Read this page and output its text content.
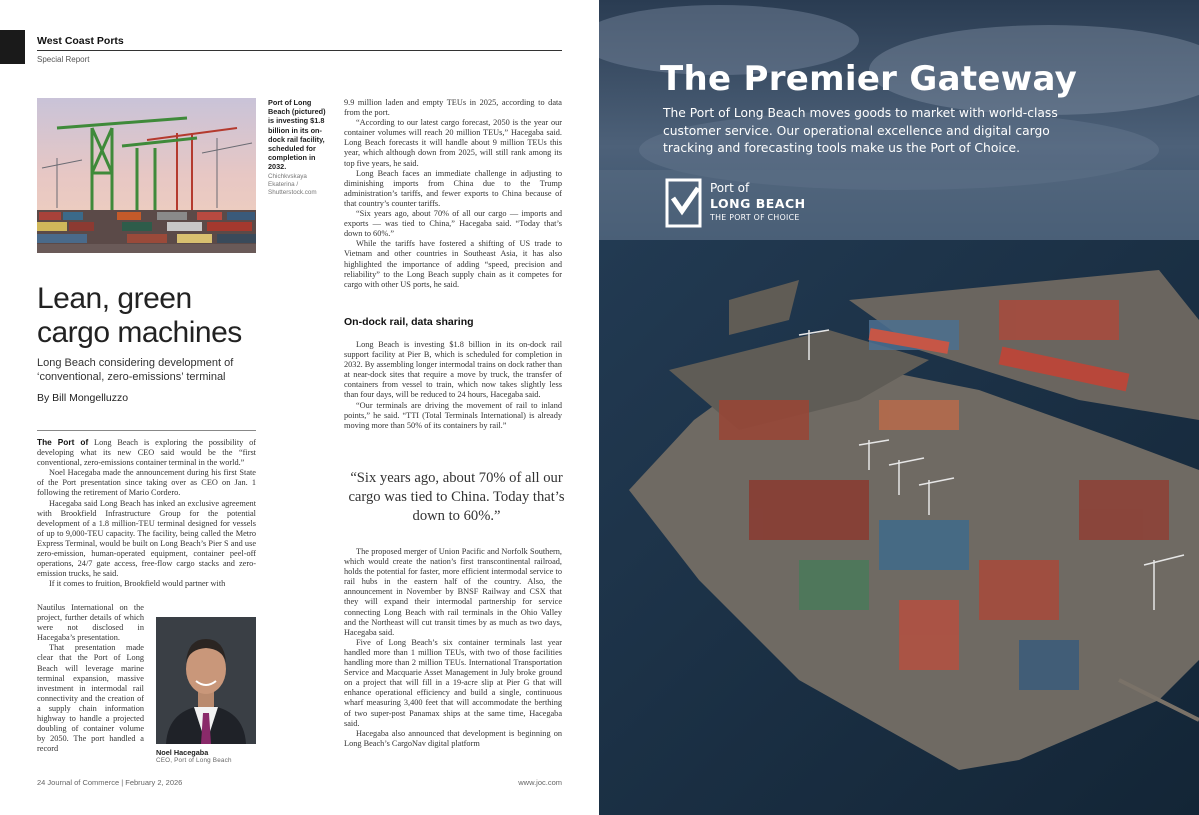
West Coast Ports
Special Report
Port of Long Beach (pictured) is investing $1.8 billion in its on-dock rail facility, scheduled for completion in 2032.
Chichkvskaya Ekaterina / Shutterstock.com
Lean, green
cargo machines
Long Beach considering development of ‘conventional, zero-emissions’ terminal
By Bill Mongelluzzo

The Port of Long Beach is exploring the possibility of developing what its new CEO said would be the “first conventional, zero-emissions container terminal in the world.”

Noel Hacegaba made the announcement during his first State of the Port presentation since taking over as CEO on Jan. 1 following the retirement of Mario Cordero.

Hacegaba said Long Beach has inked an exclusive agreement with Brookfield Infrastructure Group for the potential development of a 1.8 million-TEU terminal designed for vessels of up to 9,000-TEU capacity. The facility, being called the Metro Express Terminal, would be built on Long Beach’s Pier S and use zero-emission, human-operated equipment, container peel-off operations, 24/7 gate access, free-flow cargo stacks and zero-emission trucks, he said.

If it comes to fruition, Brookfield would partner with

Nautilus International on the project, further details of which were not disclosed in Hacegaba’s presentation.

That presentation made clear that the Port of Long Beach will leverage marine terminal expansion, massive investment in intermodal rail connectivity and the creation of a supply chain information highway to handle a projected doubling of container volume by 2050. The port handled a record	Noel Hacegaba
CEO, Port of Long Beach

9.9 million laden and empty TEUs in 2025, according to data from the port.

“According to our latest cargo forecast, 2050 is the year our container volumes will reach 20 million TEUs,” Hacegaba said. Long Beach forecasts it will handle about 9 million TEUs this year, which although down from 2025, will still rank among its top five years, he said.

Long Beach faces an immediate challenge in adjusting to diminishing imports from China due to the Trump administration’s tariffs, and fewer exports to China because of that country’s counter tariffs.

“Six years ago, about 70% of all our cargo — imports and exports — was tied to China,” Hacegaba said. “Today that’s down to 60%.”

While the tariffs have fostered a shifting of US trade to Vietnam and other countries in Southeast Asia, it has also highlighted the importance of adding “speed, precision and reliability” to the Long Beach supply chain as it competes for cargo with other US ports, he said.

On-dock rail, data sharing

Long Beach is investing $1.8 billion in its on-dock rail support facility at Pier B, which is scheduled for completion in 2032. By assembling longer intermodal trains on dock rather than at near-dock sites that require a move by truck, the transfer of containers from vessel to train, which now takes slightly less than four days, will be reduced to 24 hours, Hacegaba said.

“Our terminals are driving the movement of rail to inland points,” he said. “TTI (Total Terminals International) is already moving more than 50% of its containers by rail.”

“Six years ago, about 70% of all our cargo was tied to China. Today that’s down to 60%.”

The proposed merger of Union Pacific and Norfolk Southern, which would create the nation’s first transcontinental railroad, holds the potential for faster, more efficient intermodal service to rail hubs in the eastern half of the country. Also, the announcement in November by BNSF Railway and CSX that they will expand their intermodal partnership for service connecting Long Beach with rail terminals in the Ohio Valley and the Northeast will cut transit times by as much as two days, Hacegaba said.

Five of Long Beach’s six container terminals last year handled more than 1 million TEUs, with two of those facilities handling more than 2 million TEUs. International Transportation Service and Macquarie Asset Management in July broke ground on a project that will fill in a 19-acre slip at Pier G that will enhance operational efficiency and build a single, continuous wharf measuring 3,400 feet that will accommodate the berthing of two super-post Panamax ships at the same time, Hacegaba said.

Hacegaba also announced that development is beginning on Long Beach’s CargoNav digital platform

24 Journal of Commerce | February 2, 2026	www.joc.com
The Premier Gateway
The Port of Long Beach moves goods to market with world-class customer service. Our operational excellence and digital cargo tracking and forecasting tools make us the Port of Choice.
Port of
LONG BEACH
THE PORT OF CHOICE
